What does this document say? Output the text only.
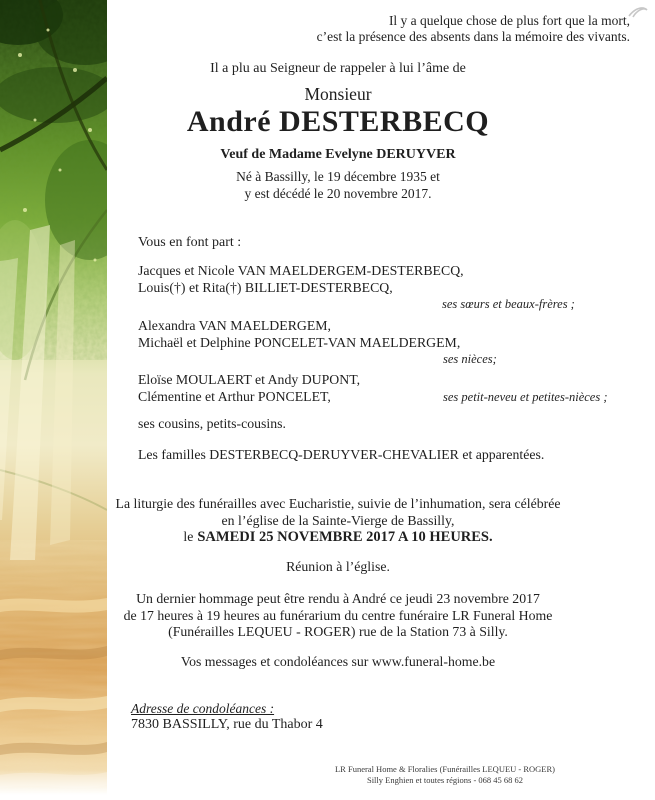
Il y a quelque chose de plus fort que la mort,
c’est la présence des absents dans la mémoire des vivants.
Il a plu au Seigneur de rappeler à lui l’âme de
Monsieur
André DESTERBECQ
Veuf de Madame Evelyne DERUYVER
Né à Bassilly, le 19 décembre 1935 et
y est décédé le 20 novembre 2017.
Vous en font part :
Jacques et Nicole VAN MAELDERGEM-DESTERBECQ,
Louis(†) et Rita(†) BILLIET-DESTERBECQ,
ses sœurs et beaux-frères ;
Alexandra VAN MAELDERGEM,
Michaël et Delphine PONCELET-VAN MAELDERGEM,
ses nièces;
Eloïse MOULAERT et Andy DUPONT,
Clémentine et Arthur PONCELET,	ses petit-neveu et petites-nièces ;
ses cousins, petits-cousins.
Les familles DESTERBECQ-DERUYVER-CHEVALIER et apparentées.
La liturgie des funérailles avec Eucharistie, suivie de l’inhumation, sera célébrée
en l’église de la Sainte-Vierge de Bassilly,
le SAMEDI 25 NOVEMBRE 2017 A 10 HEURES.
Réunion à l’église.
Un dernier hommage peut être rendu à André ce jeudi 23 novembre 2017
de 17 heures à 19 heures au funérarium du centre funéraire LR Funeral Home
(Funérailles LEQUEU - ROGER) rue de la Station 73 à Silly.
Vos messages et condoléances sur www.funeral-home.be
Adresse de condoléances :
7830 BASSILLY, rue du Thabor 4
LR Funeral Home & Floralies (Funérailles LEQUEU - ROGER)
Silly Enghien et toutes régions - 068 45 68 62
